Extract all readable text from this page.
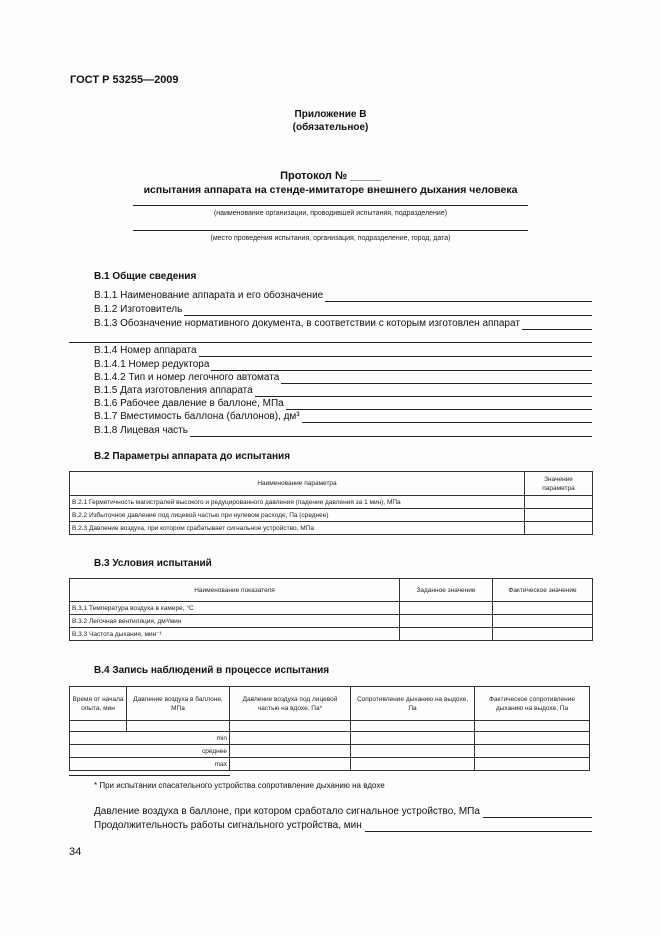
ГОСТ Р 53255—2009
Приложение В
(обязательное)
Протокол № _____
испытания аппарата на стенде-имитаторе внешнего дыхания человека
(наименование организации, проводившей испытания, подразделение)
(место проведения испытания, организация, подразделение, город, дата)
В.1 Общие сведения
В.1.1 Наименование аппарата и его обозначение
В.1.2 Изготовитель
В.1.3 Обозначение нормативного документа, в соответствии с которым изготовлен аппарат
В.1.4 Номер аппарата
В.1.4.1 Номер редуктора
В.1.4.2 Тип и номер легочного автомата
В.1.5 Дата изготовления аппарата
В.1.6 Рабочее давление в баллоне, МПа
В.1.7 Вместимость баллона (баллонов), дм³
В.1.8 Лицевая часть
В.2 Параметры аппарата до испытания
Наименование параметра	Значение параметра
В.2.1 Герметичность магистралей высокого и редуцированного давления (падение давления за 1 мин), МПа	
В.2.2 Избыточное давление под лицевой частью при нулевом расходе, Па (среднее)	
В.2.3 Давление воздуха, при котором срабатывает сигнальное устройство, МПа	
В.3 Условия испытаний
Наименование показателя	Заданное значение	Фактическое значение
В.3.1 Температура воздуха в камере, °С		
В.3.2 Легочная вентиляция, дм³/мин		
В.3.3 Частота дыхания, мин⁻¹		
В.4 Запись наблюдений в процессе испытания
Время от начала опыта, мин	Давление воздуха в баллоне, МПа	Давление воздуха под лицевой частью на вдохе, Па*	Сопротивление дыханию на выдохе, Па	Фактическое сопротивление дыханию на выдохе, Па

min				
среднее				
max				
* При испытании спасательного устройства сопротивление дыханию на вдохе
Давление воздуха в баллоне, при котором сработало сигнальное устройство, МПа
Продолжительность работы сигнального устройства, мин
34
